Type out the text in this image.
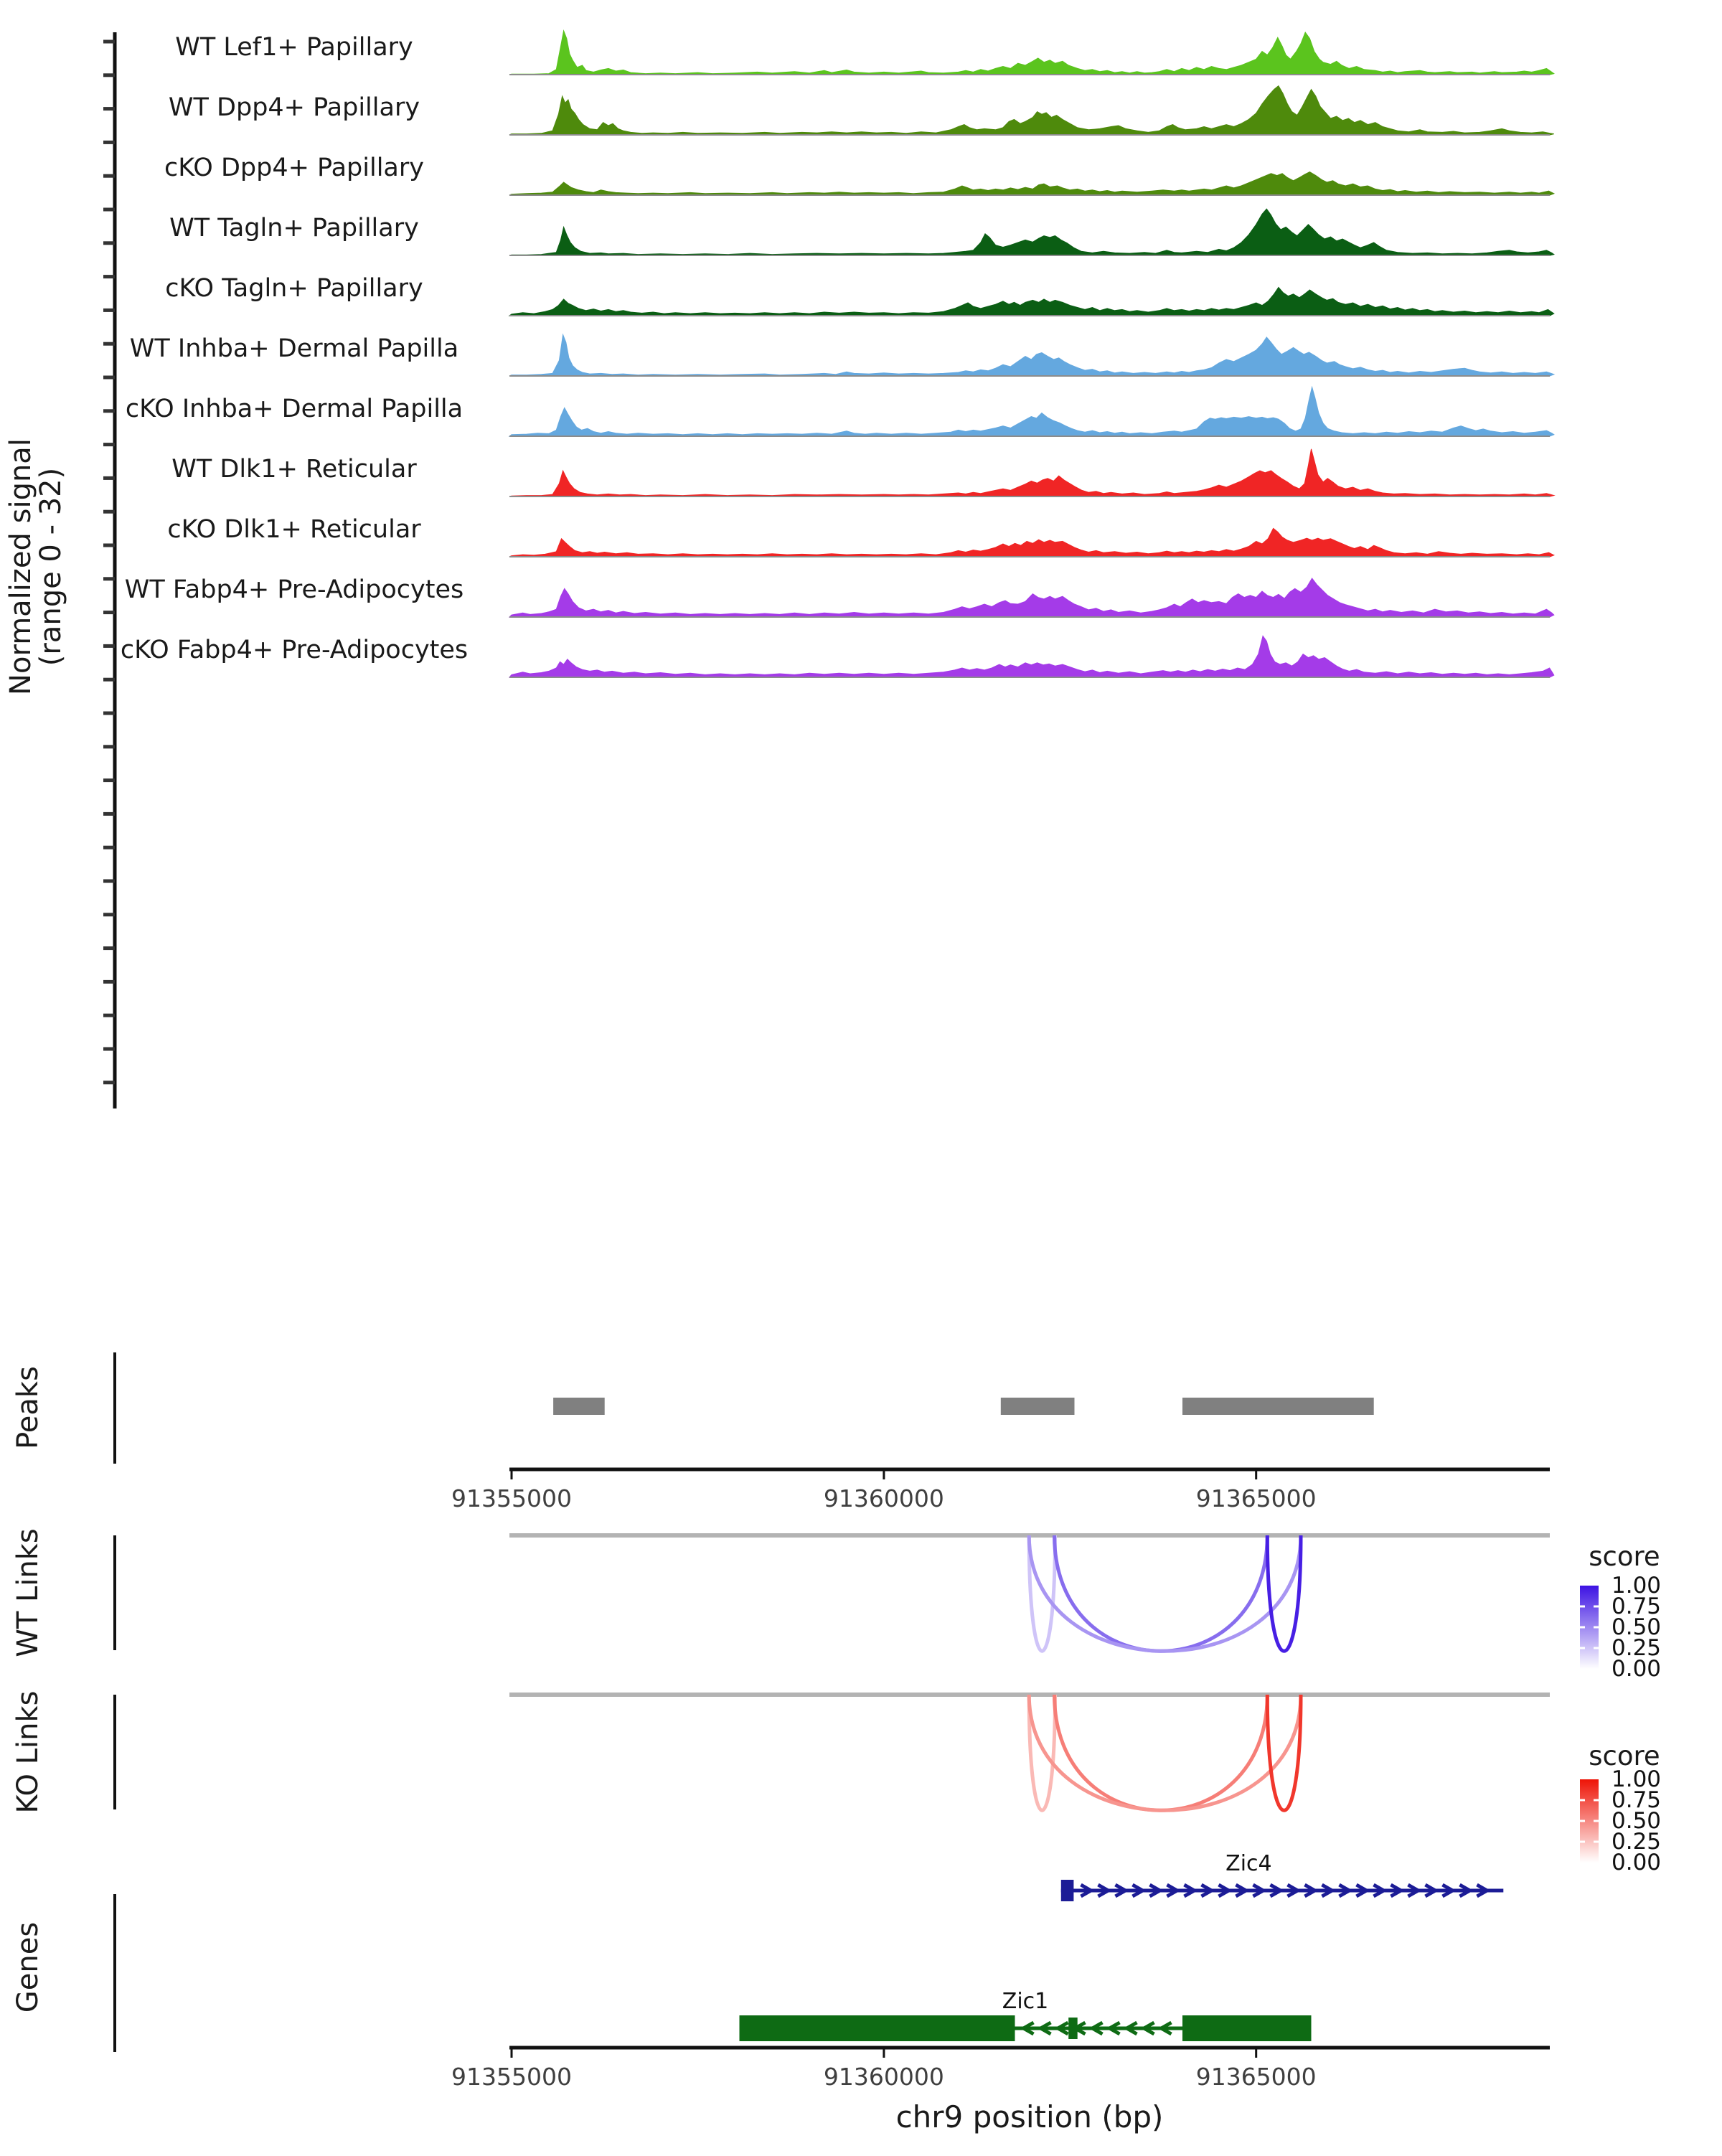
Normalized signal
(range 0 - 32)
WT Lef1+ Papillary
WT Dpp4+ Papillary
cKO Dpp4+ Papillary
WT Tagln+ Papillary
cKO Tagln+ Papillary
WT Inhba+ Dermal Papilla
cKO Inhba+ Dermal Papilla
WT Dlk1+ Reticular
cKO Dlk1+ Reticular
WT Fabp4+ Pre-Adipocytes
cKO Fabp4+ Pre-Adipocytes
Peaks
91355000	91360000	91365000
WT Links	score
1.00
0.75
0.50
0.25
0.00
KO Links	score
1.00
0.75
0.50
0.25
0.00
Genes
Zic4
Zic1
91355000	91360000	91365000
chr9 position (bp)
